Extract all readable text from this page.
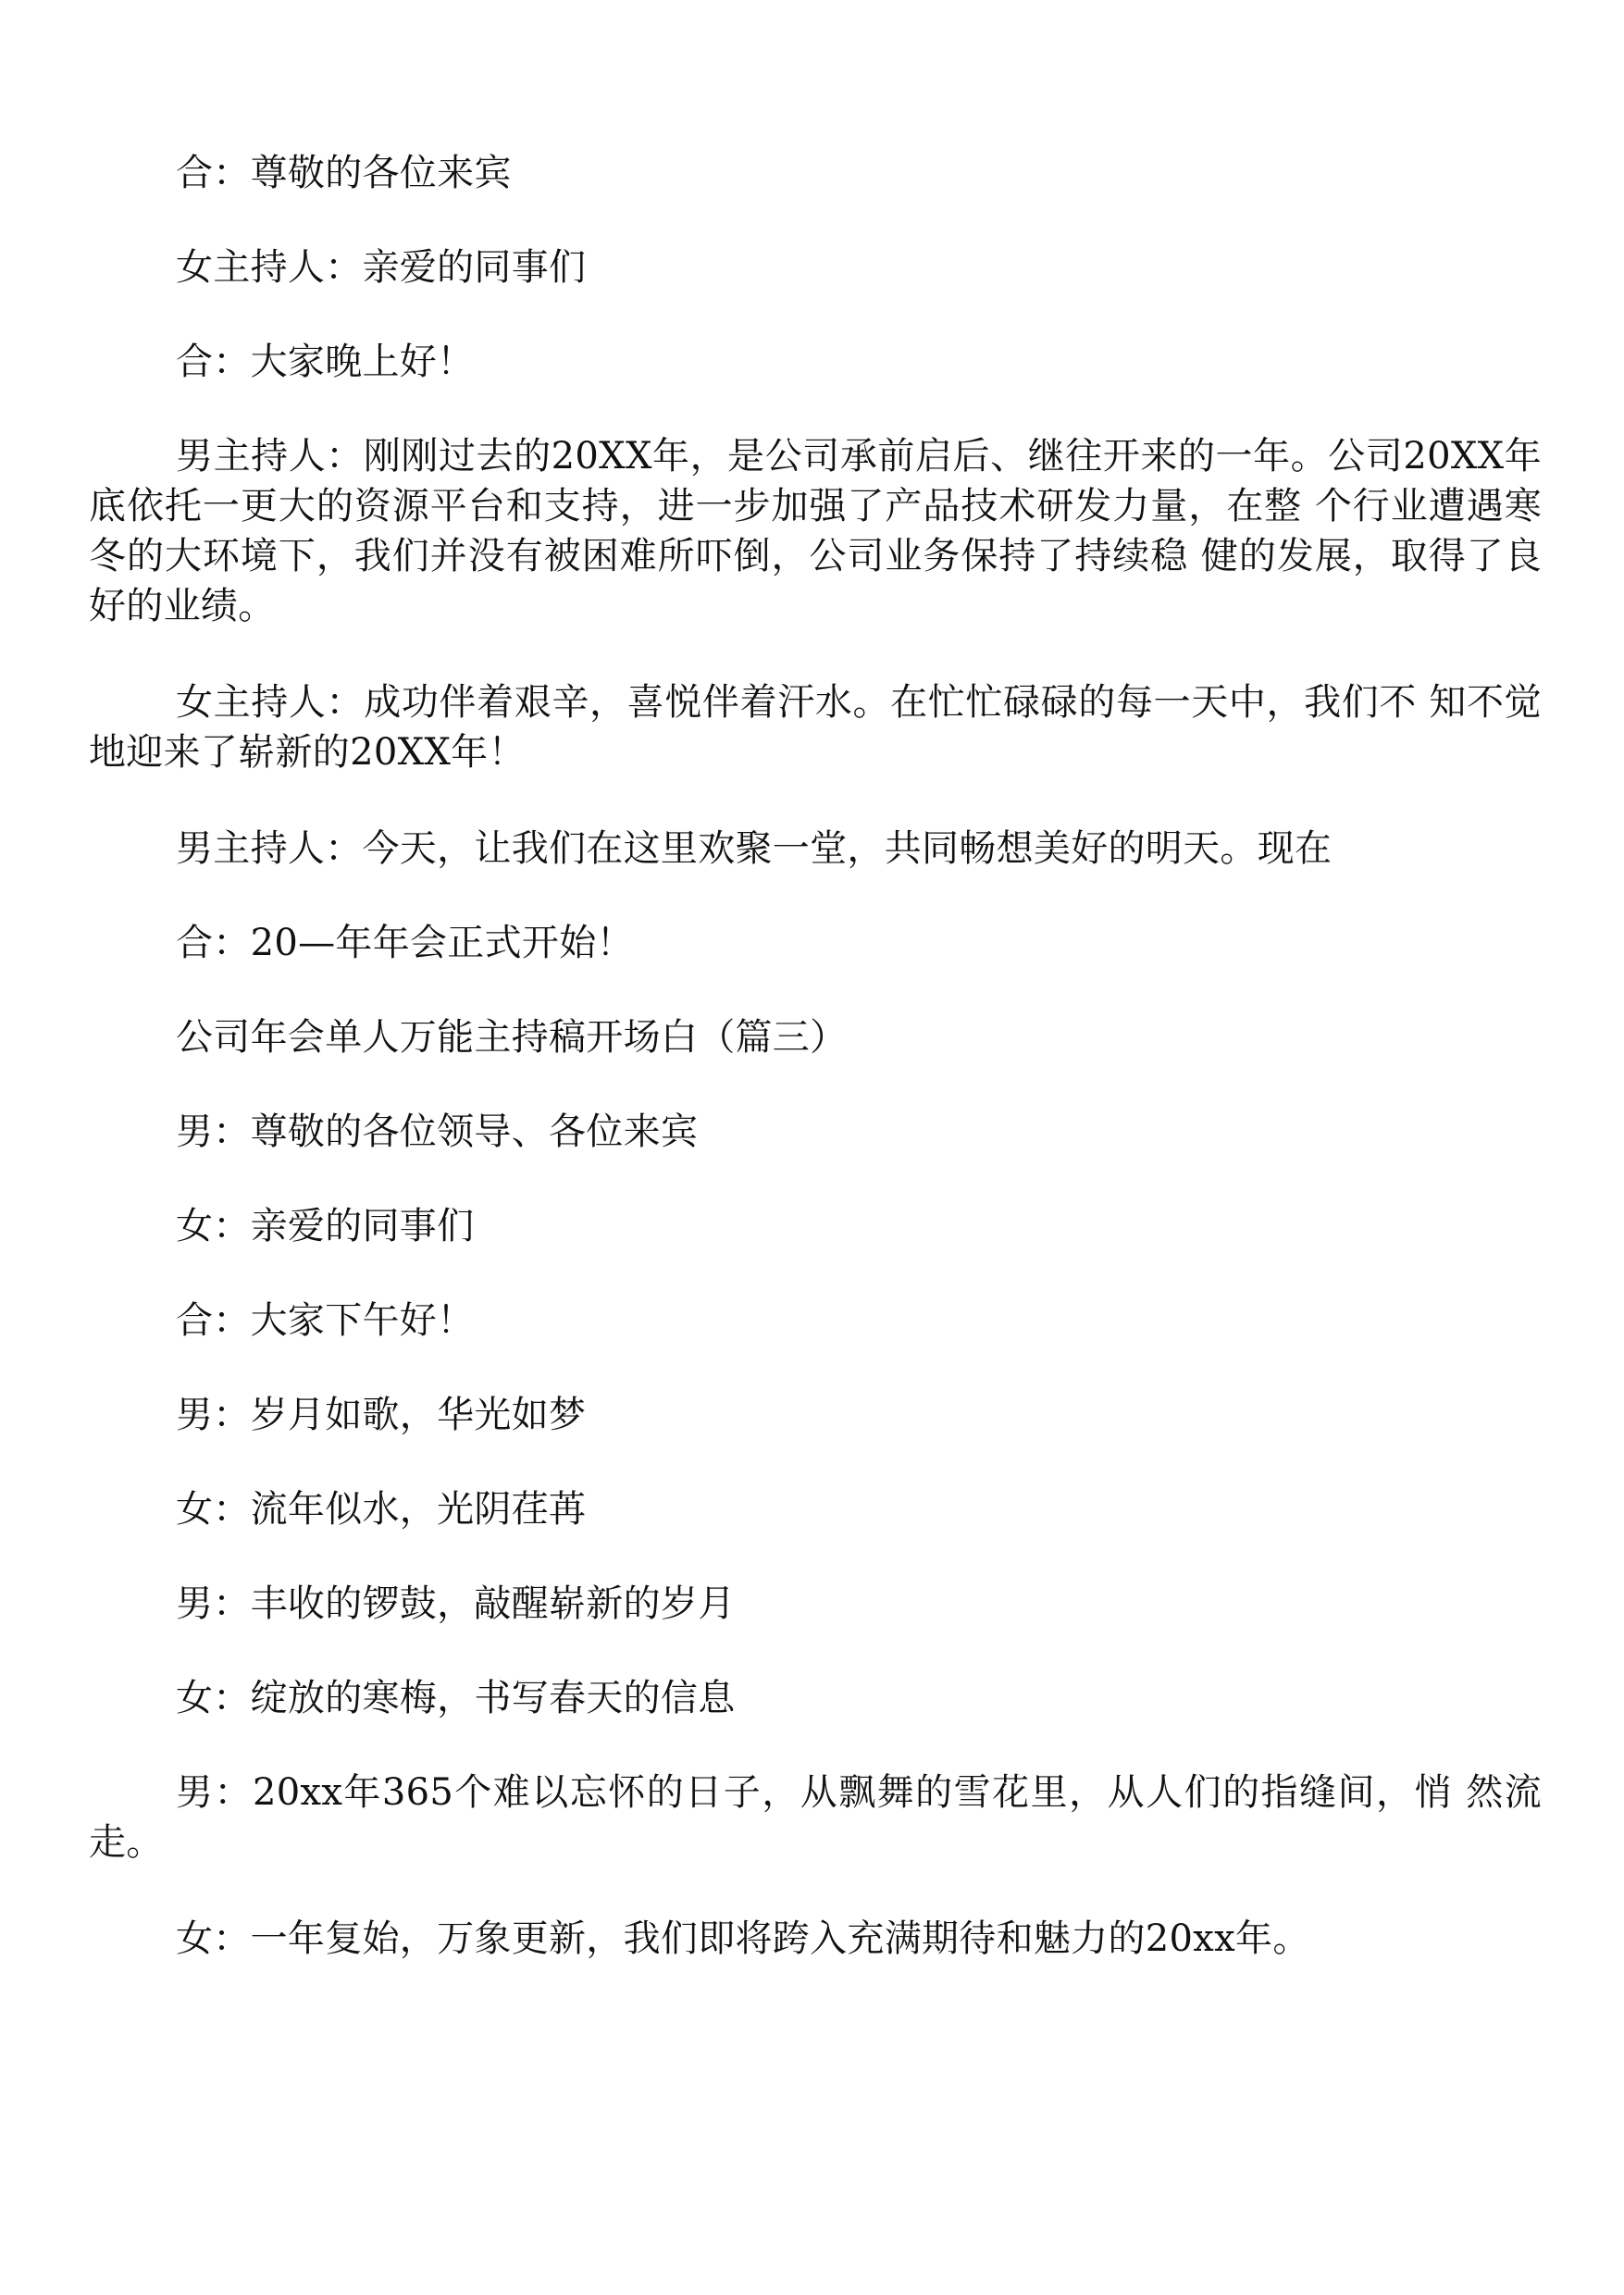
合：尊敬的各位来宾

女主持人：亲爱的同事们

合：大家晚上好！

男主持人：刚刚过去的20XX年，是公司承前启后、继往开来的一年。公司20XX年底依托一更大的资源平台和支持，进一步加强了产品技术研发力量，在整 个行业遭遇寒冬的大环境下，我们并没有被困难所吓倒，公司业务保持了持续稳 健的发展，取得了良好的业绩。

女主持人：成功伴着艰辛，喜悦伴着汗水。在忙忙碌碌的每一天中，我们不 知不觉地迎来了崭新的20XX年！

男主持人：今天，让我们在这里欢聚一堂，共同畅想美好的明天。现在

合：20—年年会正式开始！

公司年会单人万能主持稿开场白（篇三）

男：尊敬的各位领导、各位来宾

女：亲爱的同事们

合：大家下午好！

男：岁月如歌，华光如梦

女：流年似水，光阴荏苒

男：丰收的锣鼓，敲醒崭新的岁月

女：绽放的寒梅，书写春天的信息

男：20xx年365个难以忘怀的日子，从飘舞的雪花里，从人们的指缝间，悄 然流走。

女：一年复始，万象更新，我们即将跨入充满期待和魅力的20xx年。
